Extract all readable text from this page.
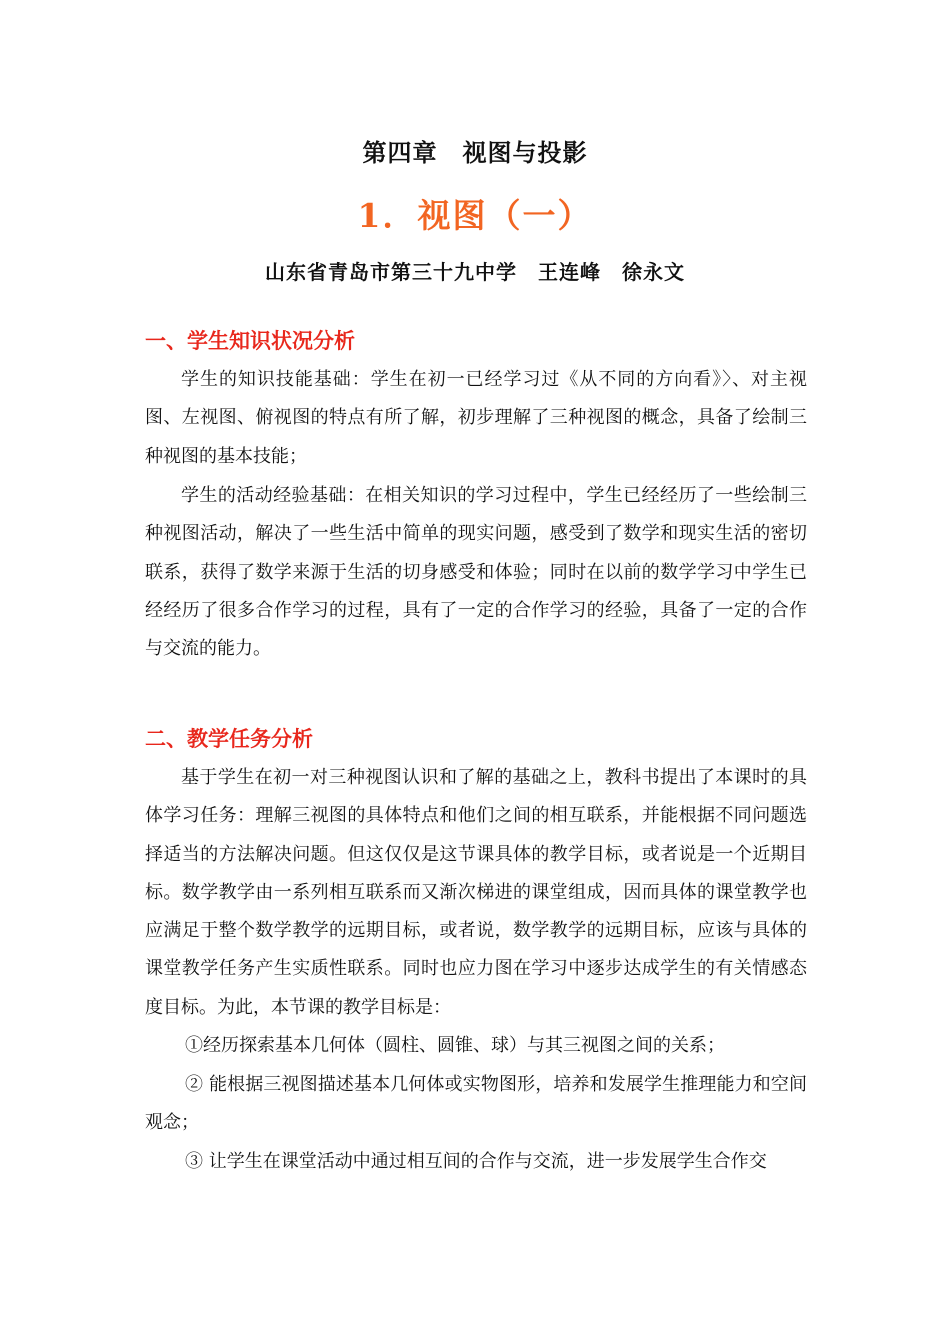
第四章　视图与投影
1．视图（一）
山东省青岛市第三十九中学　王连峰　徐永文
一、学生知识状况分析

学生的知识技能基础：学生在初一已经学习过《从不同的方向看》〉、对主视图、左视图、俯视图的特点有所了解，初步理解了三种视图的概念，具备了绘制三种视图的基本技能；

学生的活动经验基础：在相关知识的学习过程中，学生已经经历了一些绘制三种视图活动，解决了一些生活中简单的现实问题，感受到了数学和现实生活的密切联系，获得了数学来源于生活的切身感受和体验；同时在以前的数学学习中学生已经经历了很多合作学习的过程，具有了一定的合作学习的经验，具备了一定的合作与交流的能力。

二、教学任务分析

基于学生在初一对三种视图认识和了解的基础之上，教科书提出了本课时的具体学习任务：理解三视图的具体特点和他们之间的相互联系，并能根据不同问题选择适当的方法解决问题。但这仅仅是这节课具体的教学目标，或者说是一个近期目标。数学教学由一系列相互联系而又渐次梯进的课堂组成，因而具体的课堂教学也应满足于整个数学教学的远期目标，或者说，数学教学的远期目标，应该与具体的课堂教学任务产生实质性联系。同时也应力图在学习中逐步达成学生的有关情感态度目标。为此，本节课的教学目标是：

①经历探索基本几何体（圆柱、圆锥、球）与其三视图之间的关系；

② 能根据三视图描述基本几何体或实物图形，培养和发展学生推理能力和空间观念；

③ 让学生在课堂活动中通过相互间的合作与交流，进一步发展学生合作交
